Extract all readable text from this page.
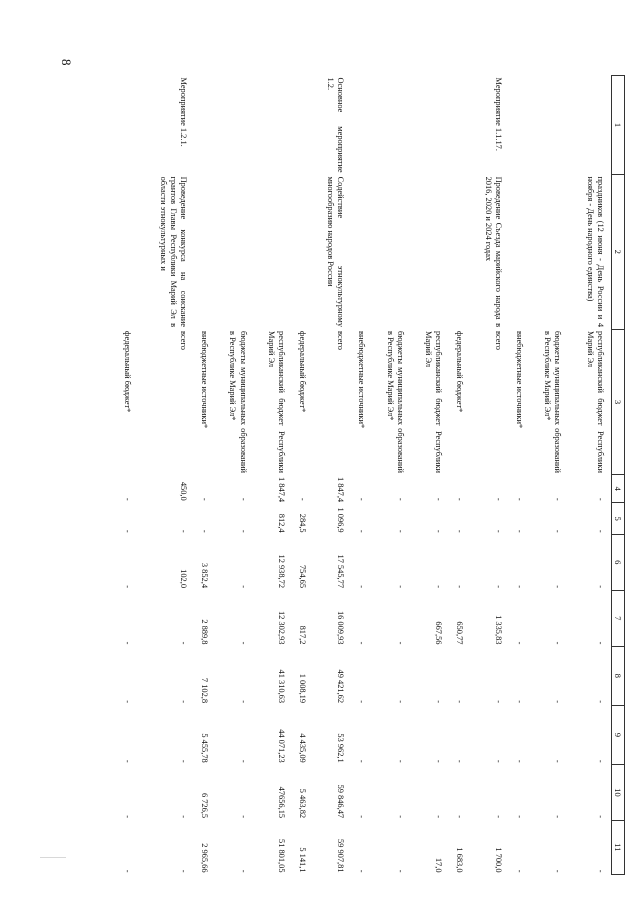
8
1	2	3	4	5	6	7	8	9	10	11
	праздников (12 июня - День России и 4 ноября - День народного единства)	республиканский бюджет Республики Марий Эл	-	-	-	-	-	-	-	-
		бюджеты муниципальных образований в Республике Марий Эл*	-	-	-	-	-	-	-	-
		внебюджетные источники*	-	-	-	-	-	-	-	-
Мероприятие 1.1.17.	Проведение Съезда марийского народа в 2016, 2020 и 2024 годах	всего	-	-	-	1 335,83	-	-	-	1 700,0
		федеральный бюджет*	-	-	-	650,77	-	-	-	1 683,0
		республиканский бюджет Республики Марий Эл	-	-	-	667,56	-	-	-	17,0
		бюджеты муниципальных образований в Республике Марий Эл*	-	-	-	-	-	-	-	-
		внебюджетные источники*	-	-	-	-	-	-	-	-
Основное мероприятие 1.2.	Содействие этнокультурному многообразию народов России	всего	1 847,4	1 096,9	17 545,77	16 009,93	49 421,62	53 962,1	59 846,47	59 907,81
		федеральный бюджет*	-	284,5	754,65	817,2	1 008,19	4 435,09	5 463,82	5 141,1
		республиканский бюджет Республики Марий Эл	1 847,4	812,4	12 938,72	12 302,93	41 310,63	44 071,23	47656,15	51 801,05
		бюджеты муниципальных образований в Республике Марий Эл*	-	-	-	-	-	-	-	-
		внебюджетные источники*	-	-	3 852,4	2 889,8	7 102,8	5 455,78	6 726,5	2 965,66
Мероприятие 1.2.1.	Проведение конкурса на соискание грантов Главы Республики Марий Эл в области этнокультурных и	всего	450,0	-	102,0	-	-	-	-	-
		федеральный бюджет*	-	-	-	-	-	-	-	-
